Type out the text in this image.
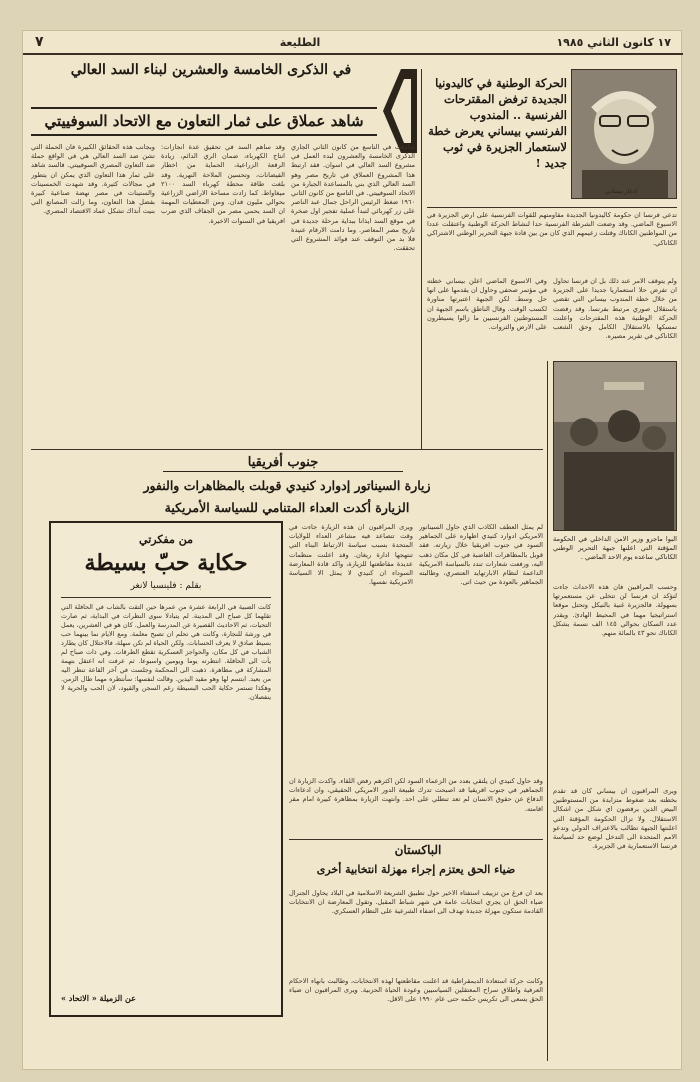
٧	الطليعة	١٧ كانون الثاني ١٩٨٥
في الذكرى الخامسة والعشرين لبناء السد العالي
شاهد عملاق على ثمار التعاون مع الاتحاد السوفييتي
صادفت في التاسع من كانون الثاني الجاري الذكرى الخامسة والعشرون لبدء العمل في مشروع السد العالي في اسوان. فقد ارتبط هذا المشروع العملاق في تاريخ مصر وهو السد العالي الذي بني بالمساعدة الجبارة من الاتحاد السوفييتي. في التاسع من كانون الثاني ١٩٦٠ ضغط الرئيس الراحل جمال عبد الناصر على زر كهربائي لتبدأ عملية تفجير اول صخرة في موقع السد ايذانا ببداية مرحلة جديدة في تاريخ مصر المعاصر. وما دامت الارقام عنيدة فلا بد من التوقف عند فوائد المشروع التي تحققت.
وقد ساهم السد في تحقيق عدة انجازات: انتاج الكهرباء، ضمان الري الدائم، زيادة الرقعة الزراعية، الحماية من اخطار الفيضانات، وتحسين الملاحة النهرية. وقد بلغت طاقة محطة كهرباء السد ٢١٠٠ ميغاواط. كما زادت مساحة الاراضي الزراعية بحوالي مليون فدان. ومن المعطيات المهمة ان السد يحمي مصر من الجفاف الذي ضرب افريقيا في السنوات الاخيرة.
وبجانب هذه الحقائق الكبيرة فان الحملة التي تشن ضد السد العالي هي في الواقع حملة ضد التعاون المصري السوفييتي. فالسد شاهد على ثمار هذا التعاون الذي يمكن ان يتطور في مجالات كثيرة. وقد شهدت الخمسينات والستينات في مصر نهضة صناعية كبيرة بفضل هذا التعاون، وما زالت المصانع التي بنيت آنذاك تشكل عماد الاقتصاد المصري.
ادغار بيساني
الحركة الوطنية في كاليدونيا الجديدة ترفض المقترحات الفرنسية .. المندوب الفرنسي بيساني يعرض خطة لاستعمار الجزيرة في ثوب جديد !
تدعي فرنسا ان حكومة كاليدونيا الجديدة مقاومتهم للقوات الفرنسية على ارض الجزيرة في الاسبوع الماضي. وقد وضعت الشرطة الفرنسية حدا لنشاط الحركة الوطنية واعتقلت عددا من المواطنين الكاناك وقتلت زعيمهم الذي كان من بين قادة جبهة التحرير الوطني الاشتراكي الكاناكي.
ولم يتوقف الامر عند ذلك بل ان فرنسا تحاول ان تفرض حلا استعماريا جديدا على الجزيرة من خلال خطة المندوب بيساني التي تقضي باستقلال صوري مرتبط بفرنسا. وقد رفضت الحركة الوطنية هذه المقترحات واعلنت تمسكها بالاستقلال الكامل وحق الشعب الكاناكي في تقرير مصيره.
وفي الاسبوع الماضي اعلن بيساني خطته في مؤتمر صحفي وحاول ان يقدمها على انها حل وسط. لكن الجبهة اعتبرتها مناورة لكسب الوقت. وقال الناطق باسم الجبهة ان المستوطنين الفرنسيين ما زالوا يسيطرون على الارض والثروات.
البوا ماجرو وزير الامن الداخلي في الحكومة المؤقتة التي اعلنها جبهة التحرير الوطني الكاناكي ساعده يوم الاحد الماضي .
وحسب المراقبين فان هذه الاحداث جاءت لتؤكد ان فرنسا لن تتخلى عن مستعمرتها بسهولة. فالجزيرة غنية بالنيكل وتحتل موقعا استراتيجيا مهما في المحيط الهادئ. ويقدر عدد السكان بحوالي ١٤٥ الف نسمة يشكل الكاناك نحو ٤٣ بالمائة منهم.
ويرى المراقبون ان بيساني كان قد تقدم بخطته بعد ضغوط متزايدة من المستوطنين البيض الذين يرفضون اي شكل من اشكال الاستقلال. ولا تزال الحكومة المؤقتة التي اعلنتها الجبهة تطالب بالاعتراف الدولي وتدعو الامم المتحدة الى التدخل لوضع حد لسياسة فرنسا الاستعمارية في الجزيرة.
جنوب أفريقيا
زيارة السيناتور إدوارد كنيدي قوبلت بالمظاهرات والنفور
الزيارة أكدت العداء المتنامي للسياسة الأمريكية
لم يمثل العطف الكاذب الذي حاول السيناتور الامريكي ادوارد كنيدي اظهاره على الجماهير السود في جنوب افريقيا خلال زيارته. فقد قوبل بالمظاهرات الغاضبة في كل مكان ذهب اليه، ورفعت شعارات تندد بالسياسة الامريكية الداعمة لنظام الابارتهايد العنصري، وطالبته الجماهير بالعودة من حيث اتى.
ويرى المراقبون ان هذه الزيارة جاءت في وقت تتصاعد فيه مشاعر العداء للولايات المتحدة بسبب سياسة الارتباط البناء التي تنتهجها ادارة ريغان. وقد اعلنت منظمات عديدة مقاطعتها للزيارة، واكد قادة المعارضة السوداء ان كنيدي لا يمثل الا السياسة الامريكية نفسها.
من مفكرتي
حكاية حبّ بسيطة
بقلم : فلينسيا لانغر
كانت الصبية في الرابعة عشرة من عمرها حين التقت بالشاب في الحافلة التي تقلهما كل صباح الى المدينة. لم يتبادلا سوى النظرات في البداية، ثم صارت التحيات، ثم الاحاديث القصيرة عن المدرسة والعمل. كان هو في العشرين، يعمل في ورشة للنجارة، وكانت هي تحلم ان تصبح معلمة. ومع الايام نما بينهما حب بسيط صادق لا يعرف الحسابات. ولكن الحياة لم تكن سهلة، فالاحتلال كان يطارد الشباب في كل مكان، والحواجز العسكرية تقطع الطرقات. وفي ذات صباح لم يأت الى الحافلة. انتظرته يوما ويومين واسبوعا. ثم عرفت انه اعتقل بتهمة المشاركة في مظاهرة. ذهبت الى المحكمة وجلست في آخر القاعة تنظر اليه من بعيد. ابتسم لها وهو مقيد اليدين. وقالت لنفسها: سأنتظره مهما طال الزمن. وهكذا تستمر حكاية الحب البسيطة رغم السجن والقيود، لان الحب والحرية لا ينفصلان.
عن الزميلة « الاتحاد »
وقد حاول كنيدي ان يلتقي بعدد من الزعماء السود لكن اكثرهم رفض اللقاء. واكدت الزيارة ان الجماهير في جنوب افريقيا قد اصبحت تدرك طبيعة الدور الامريكي الحقيقي، وان ادعاءات الدفاع عن حقوق الانسان لم تعد تنطلي على احد. وانتهت الزيارة بمظاهرة كبيرة امام مقر اقامته.
الباكستان
ضياء الحق يعتزم إجراء مهزلة انتخابية أخرى
بعد ان فرغ من تزييف استفتاء الاخير حول تطبيق الشريعة الاسلامية في البلاد يحاول الجنرال ضياء الحق ان يجري انتخابات عامة في شهر شباط المقبل. وتقول المعارضة ان الانتخابات القادمة ستكون مهزلة جديدة تهدف الى اضفاء الشرعية على النظام العسكري.
وكانت حركة استعادة الديمقراطية قد اعلنت مقاطعتها لهذه الانتخابات، وطالبت بانهاء الاحكام العرفية واطلاق سراح المعتقلين السياسيين وعودة الحياة الحزبية. ويرى المراقبون ان ضياء الحق يسعى الى تكريس حكمه حتى عام ١٩٩٠ على الاقل.
